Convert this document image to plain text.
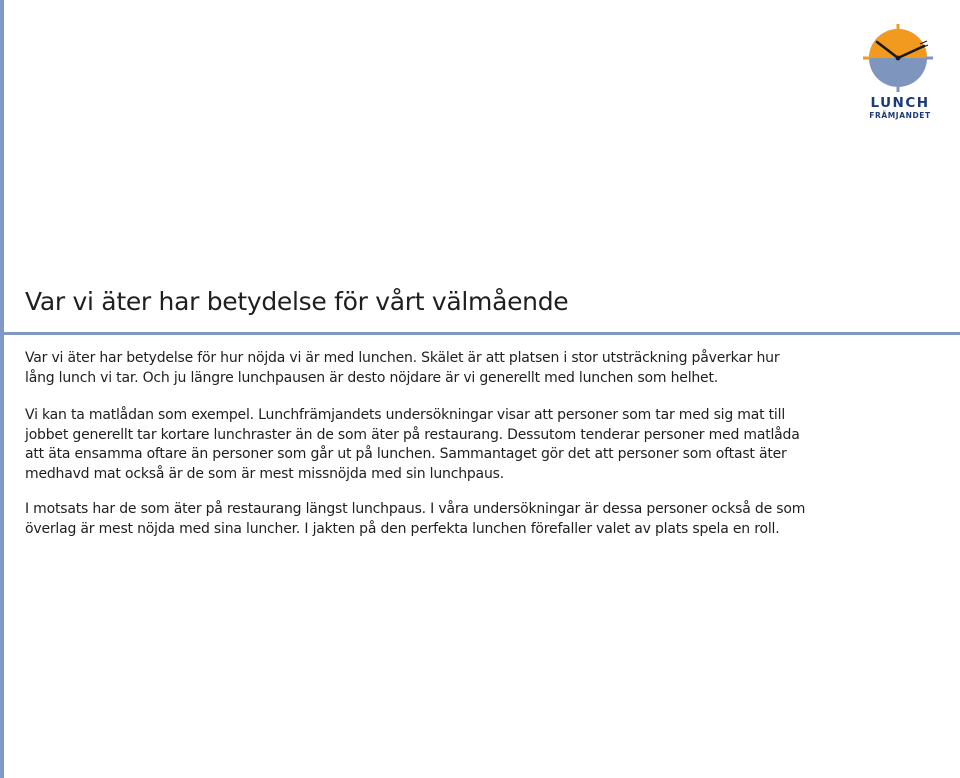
LUNCH
FRÄMJANDET
Var vi äter har betydelse för vårt välmående

Var vi äter har betydelse för hur nöjda vi är med lunchen. Skälet är att platsen i stor utsträckning påverkar hur
lång lunch vi tar. Och ju längre lunchpausen är desto nöjdare är vi generellt med lunchen som helhet.

Vi kan ta matlådan som exempel. Lunchfrämjandets undersökningar visar att personer som tar med sig mat till
jobbet generellt tar kortare lunchraster än de som äter på restaurang. Dessutom tenderar personer med matlåda
att äta ensamma oftare än personer som går ut på lunchen. Sammantaget gör det att personer som oftast äter
medhavd mat också är de som är mest missnöjda med sin lunchpaus.

I motsats har de som äter på restaurang längst lunchpaus. I våra undersökningar är dessa personer också de som
överlag är mest nöjda med sina luncher. I jakten på den perfekta lunchen förefaller valet av plats spela en roll.
